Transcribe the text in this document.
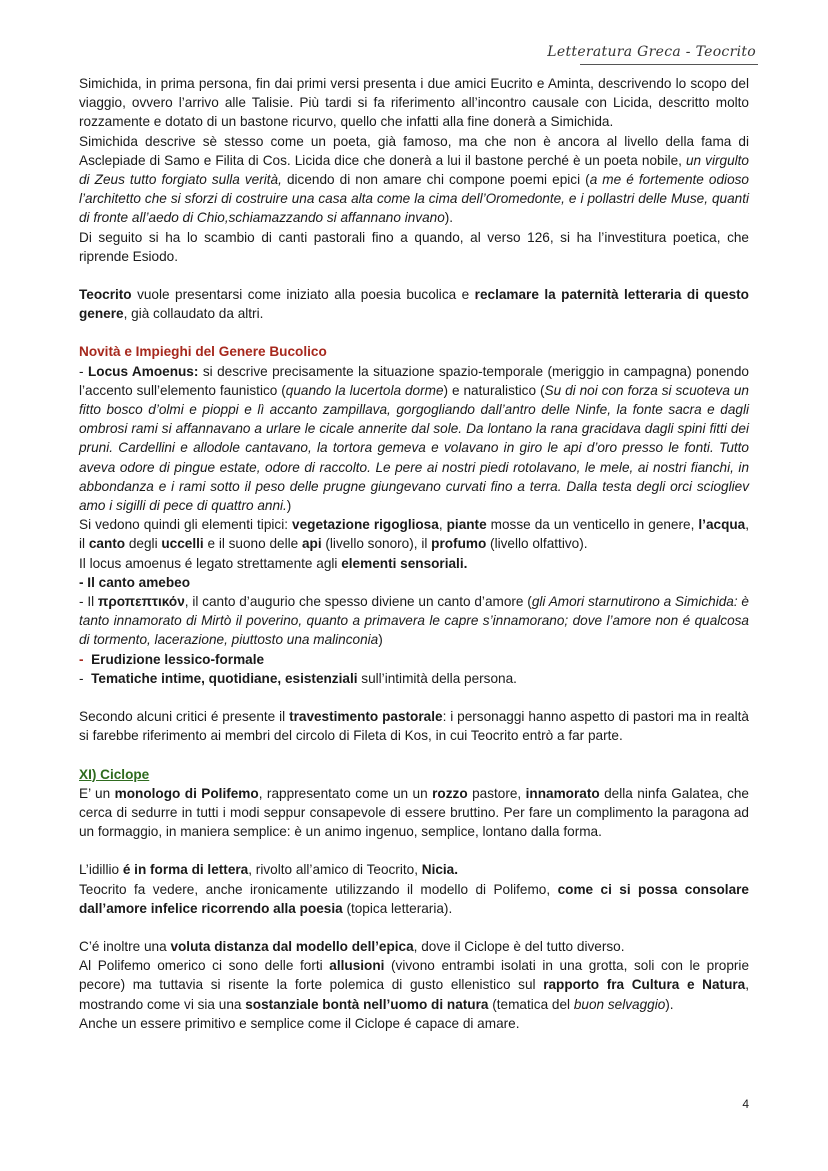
Letteratura Greca - Teocrito

Simichida, in prima persona, fin dai primi versi presenta i due amici Eucrito e Aminta, descrivendo lo scopo del viaggio, ovvero l’arrivo alle Talisie. Più tardi si fa riferimento all’incontro causale con Licida, descritto molto rozzamente e dotato di un bastone ricurvo, quello che infatti alla fine donerà a Simichida.

Simichida descrive sè stesso come un poeta, già famoso, ma che non è ancora al livello della fama di Asclepiade di Samo e Filita di Cos. Licida dice che donerà a lui il bastone perché è un poeta nobile, un virgulto di Zeus tutto forgiato sulla verità, dicendo di non amare chi compone poemi epici (a me é fortemente odioso l’architetto che si sforzi di costruire una casa alta come la cima dell’Oromedonte, e i pollastri delle Muse, quanti di fronte all’aedo di Chio,schiamazzando si affannano invano).

Di seguito si ha lo scambio di canti pastorali fino a quando, al verso 126, si ha l’investitura poetica, che riprende Esiodo.

Teocrito vuole presentarsi come iniziato alla poesia bucolica e reclamare la paternità letteraria di questo genere, già collaudato da altri.

Novità e Impieghi del Genere Bucolico

- Locus Amoenus: si descrive precisamente la situazione spazio-temporale (meriggio in campagna) ponendo l’accento sull’elemento faunistico (quando la lucertola dorme) e naturalistico (Su di noi con forza si scuoteva un fitto bosco d’olmi e pioppi e lì accanto zampillava, gorgogliando dall’antro delle Ninfe, la fonte sacra e dagli ombrosi rami si affannavano a urlare le cicale annerite dal sole. Da lontano la rana gracidava dagli spini fitti dei pruni. Cardellini e allodole cantavano, la tortora gemeva e volavano in giro le api d’oro presso le fonti. Tutto aveva odore di pingue estate, odore di raccolto. Le pere ai nostri piedi rotolavano, le mele, ai nostri fianchi, in abbondanza e i rami sotto il peso delle prugne giungevano curvati fino a terra. Dalla testa degli orci sciogliev amo i sigilli di pece di quattro anni.)

Si vedono quindi gli elementi tipici: vegetazione rigogliosa, piante mosse da un venticello in genere, l’acqua, il canto degli uccelli e il suono delle api (livello sonoro), il profumo (livello olfattivo).

Il locus amoenus é legato strettamente agli elementi sensoriali.

- Il canto amebeo

- Il προπεπτικόν, il canto d’augurio che spesso diviene un canto d’amore (gli Amori starnutirono a Simichida: è tanto innamorato di Mirtò il poverino, quanto a primavera le capre s’innamorano; dove l’amore non é qualcosa di tormento, lacerazione, piuttosto una malinconia)

- Erudizione lessico-formale

- Tematiche intime, quotidiane, esistenziali sull’intimità della persona.

Secondo alcuni critici é presente il travestimento pastorale: i personaggi hanno aspetto di pastori ma in realtà si farebbe riferimento ai membri del circolo di Fileta di Kos, in cui Teocrito entrò a far parte.

XI) Ciclope

E’ un monologo di Polifemo, rappresentato come un un rozzo pastore, innamorato della ninfa Galatea, che cerca di sedurre in tutti i modi seppur consapevole di essere bruttino. Per fare un complimento la paragona ad un formaggio, in maniera semplice: è un animo ingenuo, semplice, lontano dalla forma.

L’idillio é in forma di lettera, rivolto all’amico di Teocrito, Nicia.

Teocrito fa vedere, anche ironicamente utilizzando il modello di Polifemo, come ci si possa consolare dall’amore infelice ricorrendo alla poesia (topica letteraria).

C’é inoltre una voluta distanza dal modello dell’epica, dove il Ciclope è del tutto diverso.

Al Polifemo omerico ci sono delle forti allusioni (vivono entrambi isolati in una grotta, soli con le proprie pecore) ma tuttavia si risente la forte polemica di gusto ellenistico sul rapporto fra Cultura e Natura, mostrando come vi sia una sostanziale bontà nell’uomo di natura (tematica del buon selvaggio).

Anche un essere primitivo e semplice come il Ciclope é capace di amare.

4
